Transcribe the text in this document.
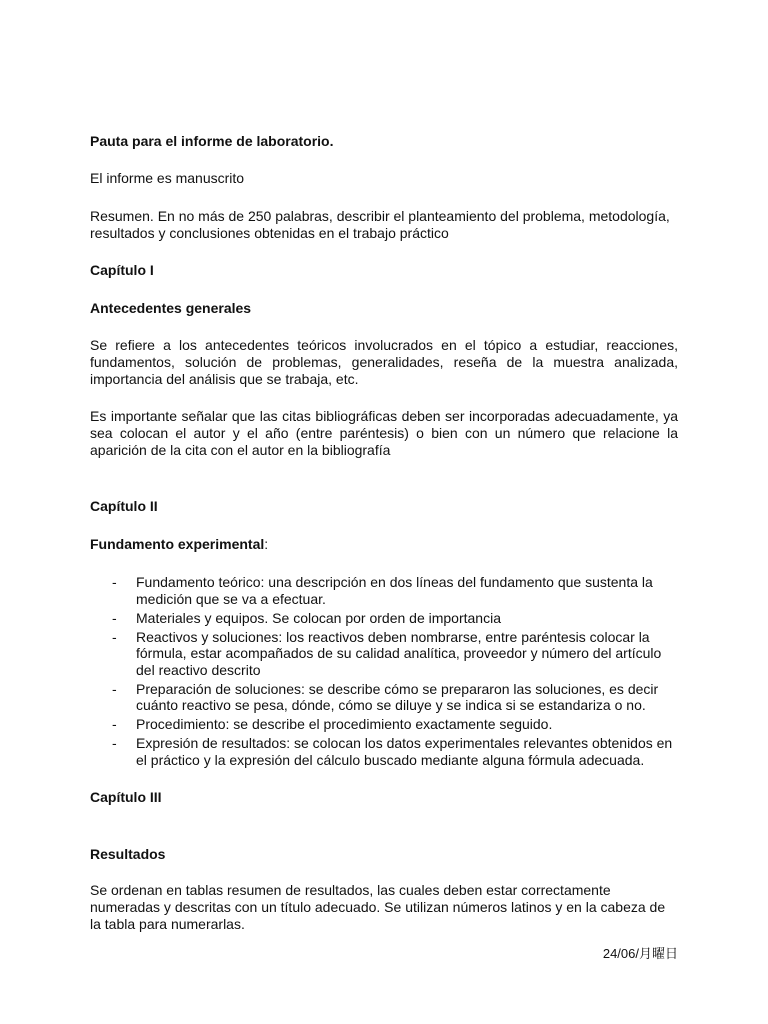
Pauta para el informe de laboratorio.

El informe es manuscrito

Resumen. En no más de 250 palabras, describir el planteamiento del problema, metodología, resultados y conclusiones obtenidas en el trabajo práctico

Capítulo I

Antecedentes generales

Se refiere a los antecedentes teóricos involucrados en el tópico a estudiar, reacciones, fundamentos, solución de problemas, generalidades, reseña de la muestra analizada, importancia del análisis que se trabaja, etc.

Es importante señalar que las citas bibliográficas deben ser incorporadas adecuadamente, ya sea colocan el autor y el año (entre paréntesis) o bien con un número que relacione la aparición de la cita con el autor en la bibliografía

Capítulo II

Fundamento experimental:

- Fundamento teórico: una descripción en dos líneas del fundamento que sustenta la medición que se va a efectuar.
- Materiales y equipos. Se colocan por orden de importancia
- Reactivos y soluciones: los reactivos deben nombrarse, entre paréntesis colocar la fórmula, estar acompañados de su calidad analítica, proveedor y número del artículo del reactivo descrito
- Preparación de soluciones: se describe cómo se prepararon las soluciones, es decir cuánto reactivo se pesa, dónde, cómo se diluye y se indica si se estandariza o no.
- Procedimiento: se describe el procedimiento exactamente seguido.
- Expresión de resultados: se colocan los datos experimentales relevantes obtenidos en el práctico y la expresión del cálculo buscado mediante alguna fórmula adecuada.

Capítulo III

Resultados

Se ordenan en tablas resumen de resultados, las cuales deben estar correctamente numeradas y descritas con un título adecuado. Se utilizan números latinos y en la cabeza de la tabla para numerarlas.

24/06/月曜日
